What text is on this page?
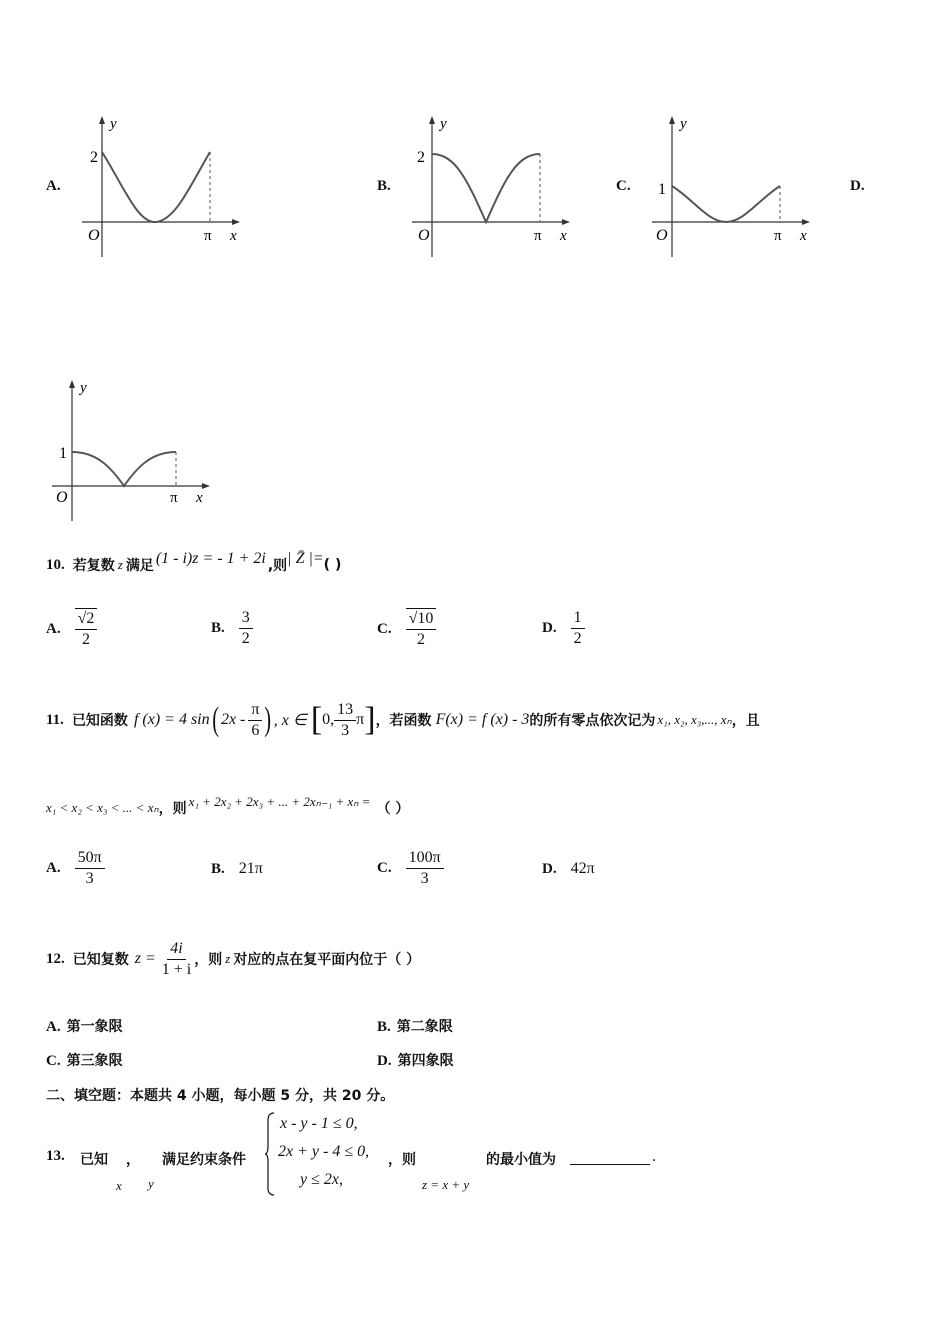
A.
2
y
O	π x
B.
2
y
O	π x
C. 1
y
O	π x
D.
1
y
O	π x
10. 若复数 z 满足 (1 - i)z = - 1 + 2i ,则 | Z̄ |= ( )
A. $\frac{√2}{2}$	B. $\frac{3}{2}$	C. $\frac{√10}{2}$	D. $\frac{1}{2}$
11. 已知函数 f (x) = 4 sin ( $2x - \frac{\pi}{6}$ ) , x ∈ [ 0, $\frac{13}{3}$ π ] ，若函数 F(x) = f (x) - 3 的所有零点依次记为 x₁, x₂, x₃,..., xₙ ，且
x₁ < x₂ < x₃ < ... < xₙ ，则 x₁ + 2x₂ + 2x₃ + ... + 2xₙ₋₁ + xₙ = （ ）
A. $\frac{50\pi}{3}$	B. 21π	C. $\frac{100\pi}{3}$	D. 42π
12. 已知复数 $z = \frac{4i}{1 + i}$ ，则 z 对应的点在复平面内位于（ ）
A. 第一象限	B. 第二象限
C. 第三象限	D. 第四象限
二、填空题：本题共 4 小题，每小题 5 分，共 20 分。
13. 已知 ， 满足约束条件
x y
x - y - 1 ≤ 0,
2x + y - 4 ≤ 0,
y ≤ 2x,
，则
z = x + y
的最小值为	.
